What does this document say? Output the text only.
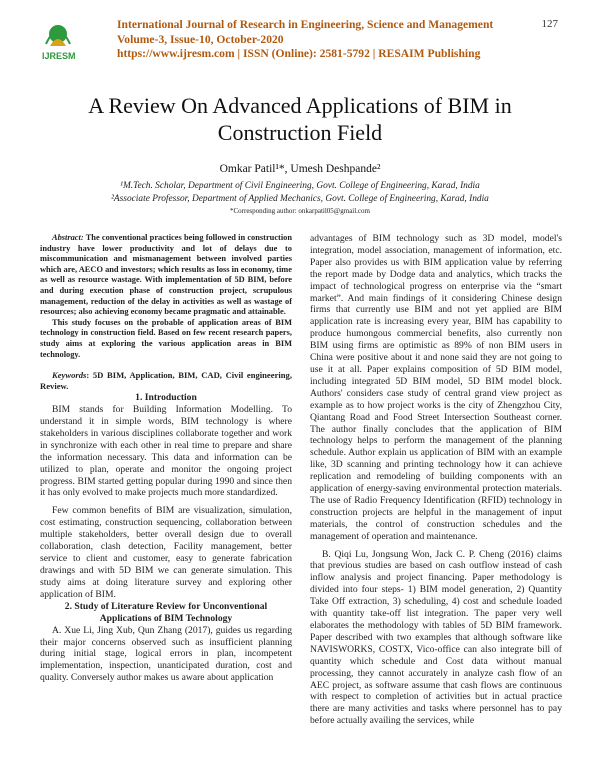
IJRESM
International Journal of Research in Engineering, Science and Management
Volume-3, Issue-10, October-2020
https://www.ijresm.com | ISSN (Online): 2581-5792 | RESAIM Publishing
127
A Review On Advanced Applications of BIM in Construction Field
Omkar Patil¹*, Umesh Deshpande²
¹M.Tech. Scholar, Department of Civil Engineering, Govt. College of Engineering, Karad, India
²Associate Professor, Department of Applied Mechanics, Govt. College of Engineering, Karad, India
*Corresponding author: onkarpatil05@gmail.com

Abstract: The conventional practices being followed in construction industry have lower productivity and lot of delays due to miscommunication and mismanagement between involved parties which are, AECO and investors; which results as loss in economy, time as well as resource wastage. With implementation of 5D BIM, before and during execution phase of construction project, scrupulous management, reduction of the delay in activities as well as wastage of resources; also achieving economy became pragmatic and attainable.

This study focuses on the probable of application areas of BIM technology in construction field. Based on few recent research papers, study aims at exploring the various application areas in BIM technology.

Keywords: 5D BIM, Application, BIM, CAD, Civil engineering, Review.

1. Introduction

BIM stands for Building Information Modelling. To understand it in simple words, BIM technology is where stakeholders in various disciplines collaborate together and work in synchronize with each other in real time to prepare and share the information necessary. This data and information can be utilized to plan, operate and monitor the ongoing project progress. BIM started getting popular during 1990 and since then it has only evolved to make projects much more standardized.

Few common benefits of BIM are visualization, simulation, cost estimating, construction sequencing, collaboration between multiple stakeholders, better overall design due to overall collaboration, clash detection, Facility management, better service to client and customer, easy to generate fabrication drawings and with 5D BIM we can generate simulation. This study aims at doing literature survey and exploring other application of BIM.

2. Study of Literature Review for Unconventional Applications of BIM Technology

A. Xue Li, Jing Xub, Qun Zhang (2017), guides us regarding their major concerns observed such as insufficient planning during initial stage, logical errors in plan, incompetent implementation, inspection, unanticipated duration, cost and quality. Conversely author makes us aware about application

advantages of BIM technology such as 3D model, model's integration, model association, management of information, etc. Paper also provides us with BIM application value by referring the report made by Dodge data and analytics, which tracks the impact of technological progress on enterprise via the “smart market”. And main findings of it considering Chinese design firms that currently use BIM and not yet applied are BIM application rate is increasing every year, BIM has capability to produce humongous commercial benefits, also currently non BIM using firms are optimistic as 89% of non BIM users in China were positive about it and none said they are not going to use it at all. Paper explains composition of 5D BIM model, including integrated 5D BIM model, 5D BIM model block. Authors' considers case study of central grand view project as example as to how project works is the city of Zhengzhou City, Qiantang Road and Food Street Intersection Southeast corner. The author finally concludes that the application of BIM technology helps to perform the management of the planning schedule. Author explain us application of BIM with an example like, 3D scanning and printing technology how it can achieve replication and remodeling of building components with an application of energy-saving environmental protection materials. The use of Radio Frequency Identification (RFID) technology in construction projects are helpful in the management of input materials, the control of construction schedules and the management of operation and maintenance.

B. Qiqi Lu, Jongsung Won, Jack C. P. Cheng (2016) claims that previous studies are based on cash outflow instead of cash inflow analysis and project financing. Paper methodology is divided into four steps- 1) BIM model generation, 2) Quantity Take Off extraction, 3) scheduling, 4) cost and schedule loaded with quantity take-off list integration. The paper very well elaborates the methodology with tables of 5D BIM framework. Paper described with two examples that although software like NAVISWORKS, COSTX, Vico-office can also integrate bill of quantity which schedule and Cost data without manual processing, they cannot accurately in analyze cash flow of an AEC project, as software assume that cash flows are continuous with respect to completion of activities but in actual practice there are many activities and tasks where personnel has to pay before actually availing the services, while
